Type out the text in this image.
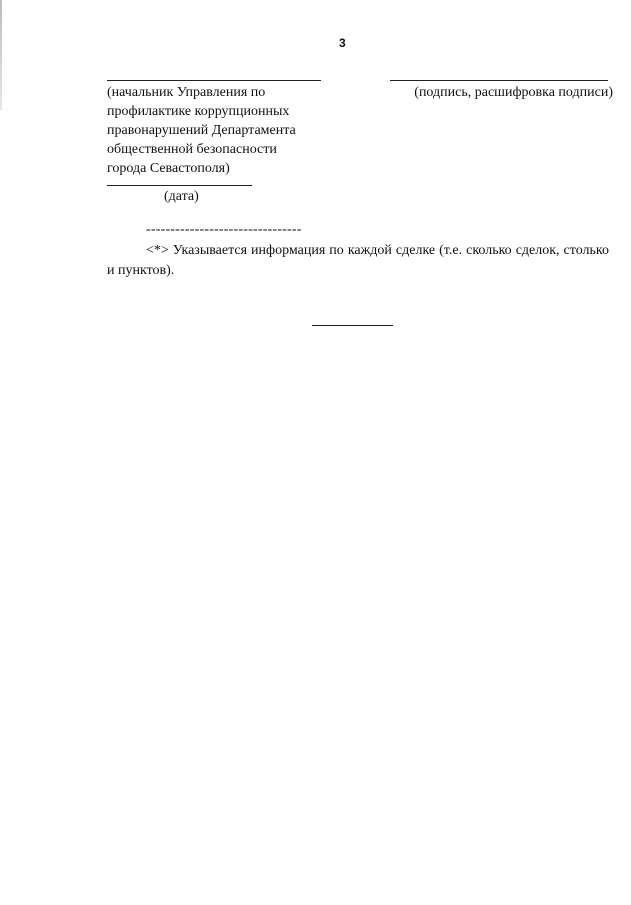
3
(начальник Управления по
профилактике коррупционных
правонарушений Департамента
общественной безопасности
города Севастополя)
(подпись, расшифровка подписи)
(дата)
--------------------------------
<*> Указывается информация по каждой сделке (т.е. сколько сделок, столько и пунктов).
